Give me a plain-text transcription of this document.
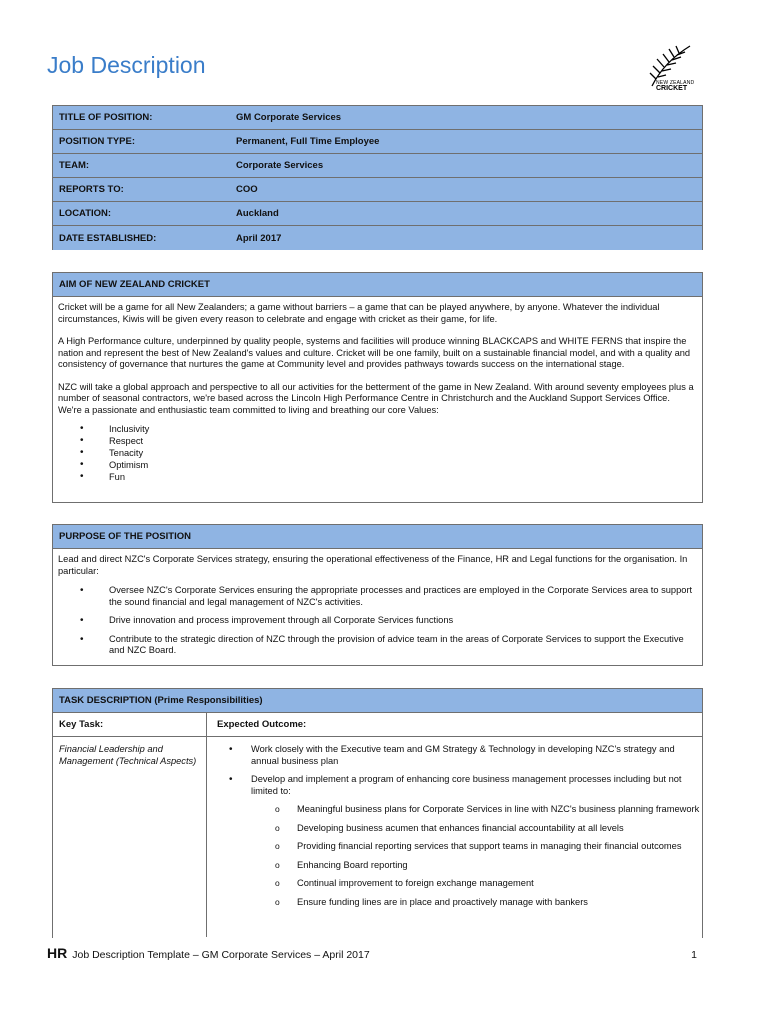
Job Description
NEW ZEALAND
CRICKET
TITLE OF POSITION:	GM Corporate Services
POSITION TYPE:	Permanent, Full Time Employee
TEAM:	Corporate Services
REPORTS TO:	COO
LOCATION:	Auckland
DATE ESTABLISHED:	April 2017
AIM OF NEW ZEALAND CRICKET

Cricket will be a game for all New Zealanders; a game without barriers – a game that can be played anywhere, by anyone. Whatever the individual circumstances, Kiwis will be given every reason to celebrate and engage with cricket as their game, for life.

A High Performance culture, underpinned by quality people, systems and facilities will produce winning BLACKCAPS and WHITE FERNS that inspire the nation and represent the best of New Zealand's values and culture. Cricket will be one family, built on a sustainable financial model, and with a quality and consistency of governance that nurtures the game at Community level and provides pathways towards success on the international stage.

NZC will take a global approach and perspective to all our activities for the betterment of the game in New Zealand. With around seventy employees plus a number of seasonal contractors, we're based across the Lincoln High Performance Centre in Christchurch and the Auckland Support Services Office. We're a passionate and enthusiastic team committed to living and breathing our core Values:

• Inclusivity
• Respect
• Tenacity
• Optimism
• Fun
PURPOSE OF THE POSITION
Lead and direct NZC's Corporate Services strategy, ensuring the operational effectiveness of the Finance, HR and Legal functions for the organisation. In particular:
• Oversee NZC's Corporate Services ensuring the appropriate processes and practices are employed in the Corporate Services area to support the sound financial and legal management of NZC's activities.
• Drive innovation and process improvement through all Corporate Services functions
• Contribute to the strategic direction of NZC through the provision of advice team in the areas of Corporate Services to support the Executive and NZC Board.
TASK DESCRIPTION (Prime Responsibilities)
Key Task:	Expected Outcome:
Financial Leadership and Management (Technical Aspects)
• Work closely with the Executive team and GM Strategy & Technology in developing NZC's strategy and annual business plan
• Develop and implement a program of enhancing core business management processes including but not limited to:
o Meaningful business plans for Corporate Services in line with NZC's business planning framework
o Developing business acumen that enhances financial accountability at all levels
o Providing financial reporting services that support teams in managing their financial outcomes
o Enhancing Board reporting
o Continual improvement to foreign exchange management
o Ensure funding lines are in place and proactively manage with bankers
HR Job Description Template – GM Corporate Services – April 2017	1
